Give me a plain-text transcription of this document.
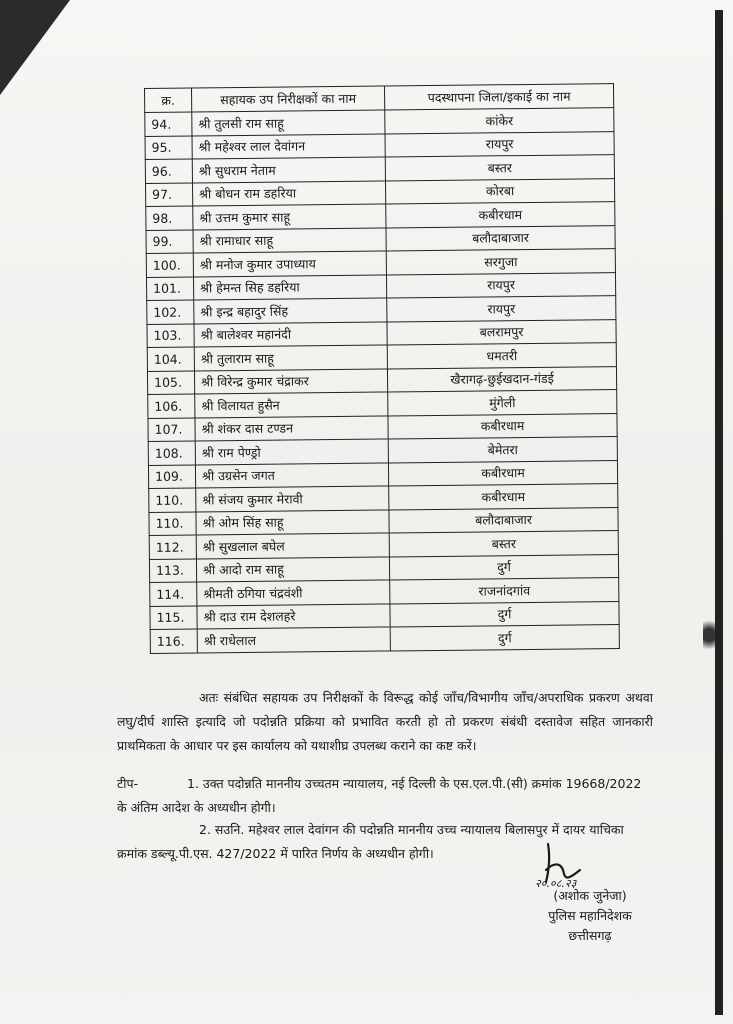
क्र.	सहायक उप निरीक्षकों का नाम	पदस्थापना जिला/इकाई का नाम
94.	श्री तुलसी राम साहू	कांकेर
95.	श्री महेश्वर लाल देवांगन	रायपुर
96.	श्री सुधराम नेताम	बस्तर
97.	श्री बोधन राम डहरिया	कोरबा
98.	श्री उत्तम कुमार साहू	कबीरधाम
99.	श्री रामाधार साहू	बलौदाबाजार
100.	श्री मनोज कुमार उपाध्याय	सरगुजा
101.	श्री हेमन्त सिह डहरिया	रायपुर
102.	श्री इन्द्र बहादुर सिंह	रायपुर
103.	श्री बालेश्वर महानंदी	बलरामपुर
104.	श्री तुलाराम साहू	धमतरी
105.	श्री विरेन्द्र कुमार चंद्राकर	खैरागढ़-छुईखदान-गंडई
106.	श्री विलायत हुसैन	मुंगेली
107.	श्री शंकर दास टण्डन	कबीरधाम
108.	श्री राम पेण्ड्रो	बेमेतरा
109.	श्री उग्रसेन जगत	कबीरधाम
110.	श्री संजय कुमार मेरावी	कबीरधाम
110.	श्री ओम सिंह साहू	बलौदाबाजार
112.	श्री सुखलाल बघेल	बस्तर
113.	श्री आदो राम साहू	दुर्ग
114.	श्रीमती ठगिया चंद्रवंशी	राजनांदगांव
115.	श्री दाउ राम देशलहरे	दुर्ग
116.	श्री राधेलाल	दुर्ग
अतः संबंधित सहायक उप निरीक्षकों के विरूद्ध कोई जाँच/विभागीय जाँच/अपराधिक प्रकरण अथवा लघु/दीर्घ शास्ति इत्यादि जो पदोन्नति प्रक्रिया को प्रभावित करती हो तो प्रकरण संबंधी दस्तावेज सहित जानकारी प्राथमिकता के आधार पर इस कार्यालय को यथाशीघ्र उपलब्ध कराने का कष्ट करें।
टीप-	1. उक्त पदोन्नति माननीय उच्चतम न्यायालय, नई दिल्ली के एस.एल.पी.(सी) क्रमांक 19668/2022 के अंतिम आदेश के अध्यधीन होगी।
2. सउनि. महेश्वर लाल देवांगन की पदोन्नति माननीय उच्च न्यायालय बिलासपुर में दायर याचिका क्रमांक डब्ल्यू.पी.एस. 427/2022 में पारित निर्णय के अध्यधीन होगी।
२०.०८.२३
(अशोक जुनेजा)
पुलिस महानिदेशक
छत्तीसगढ़
